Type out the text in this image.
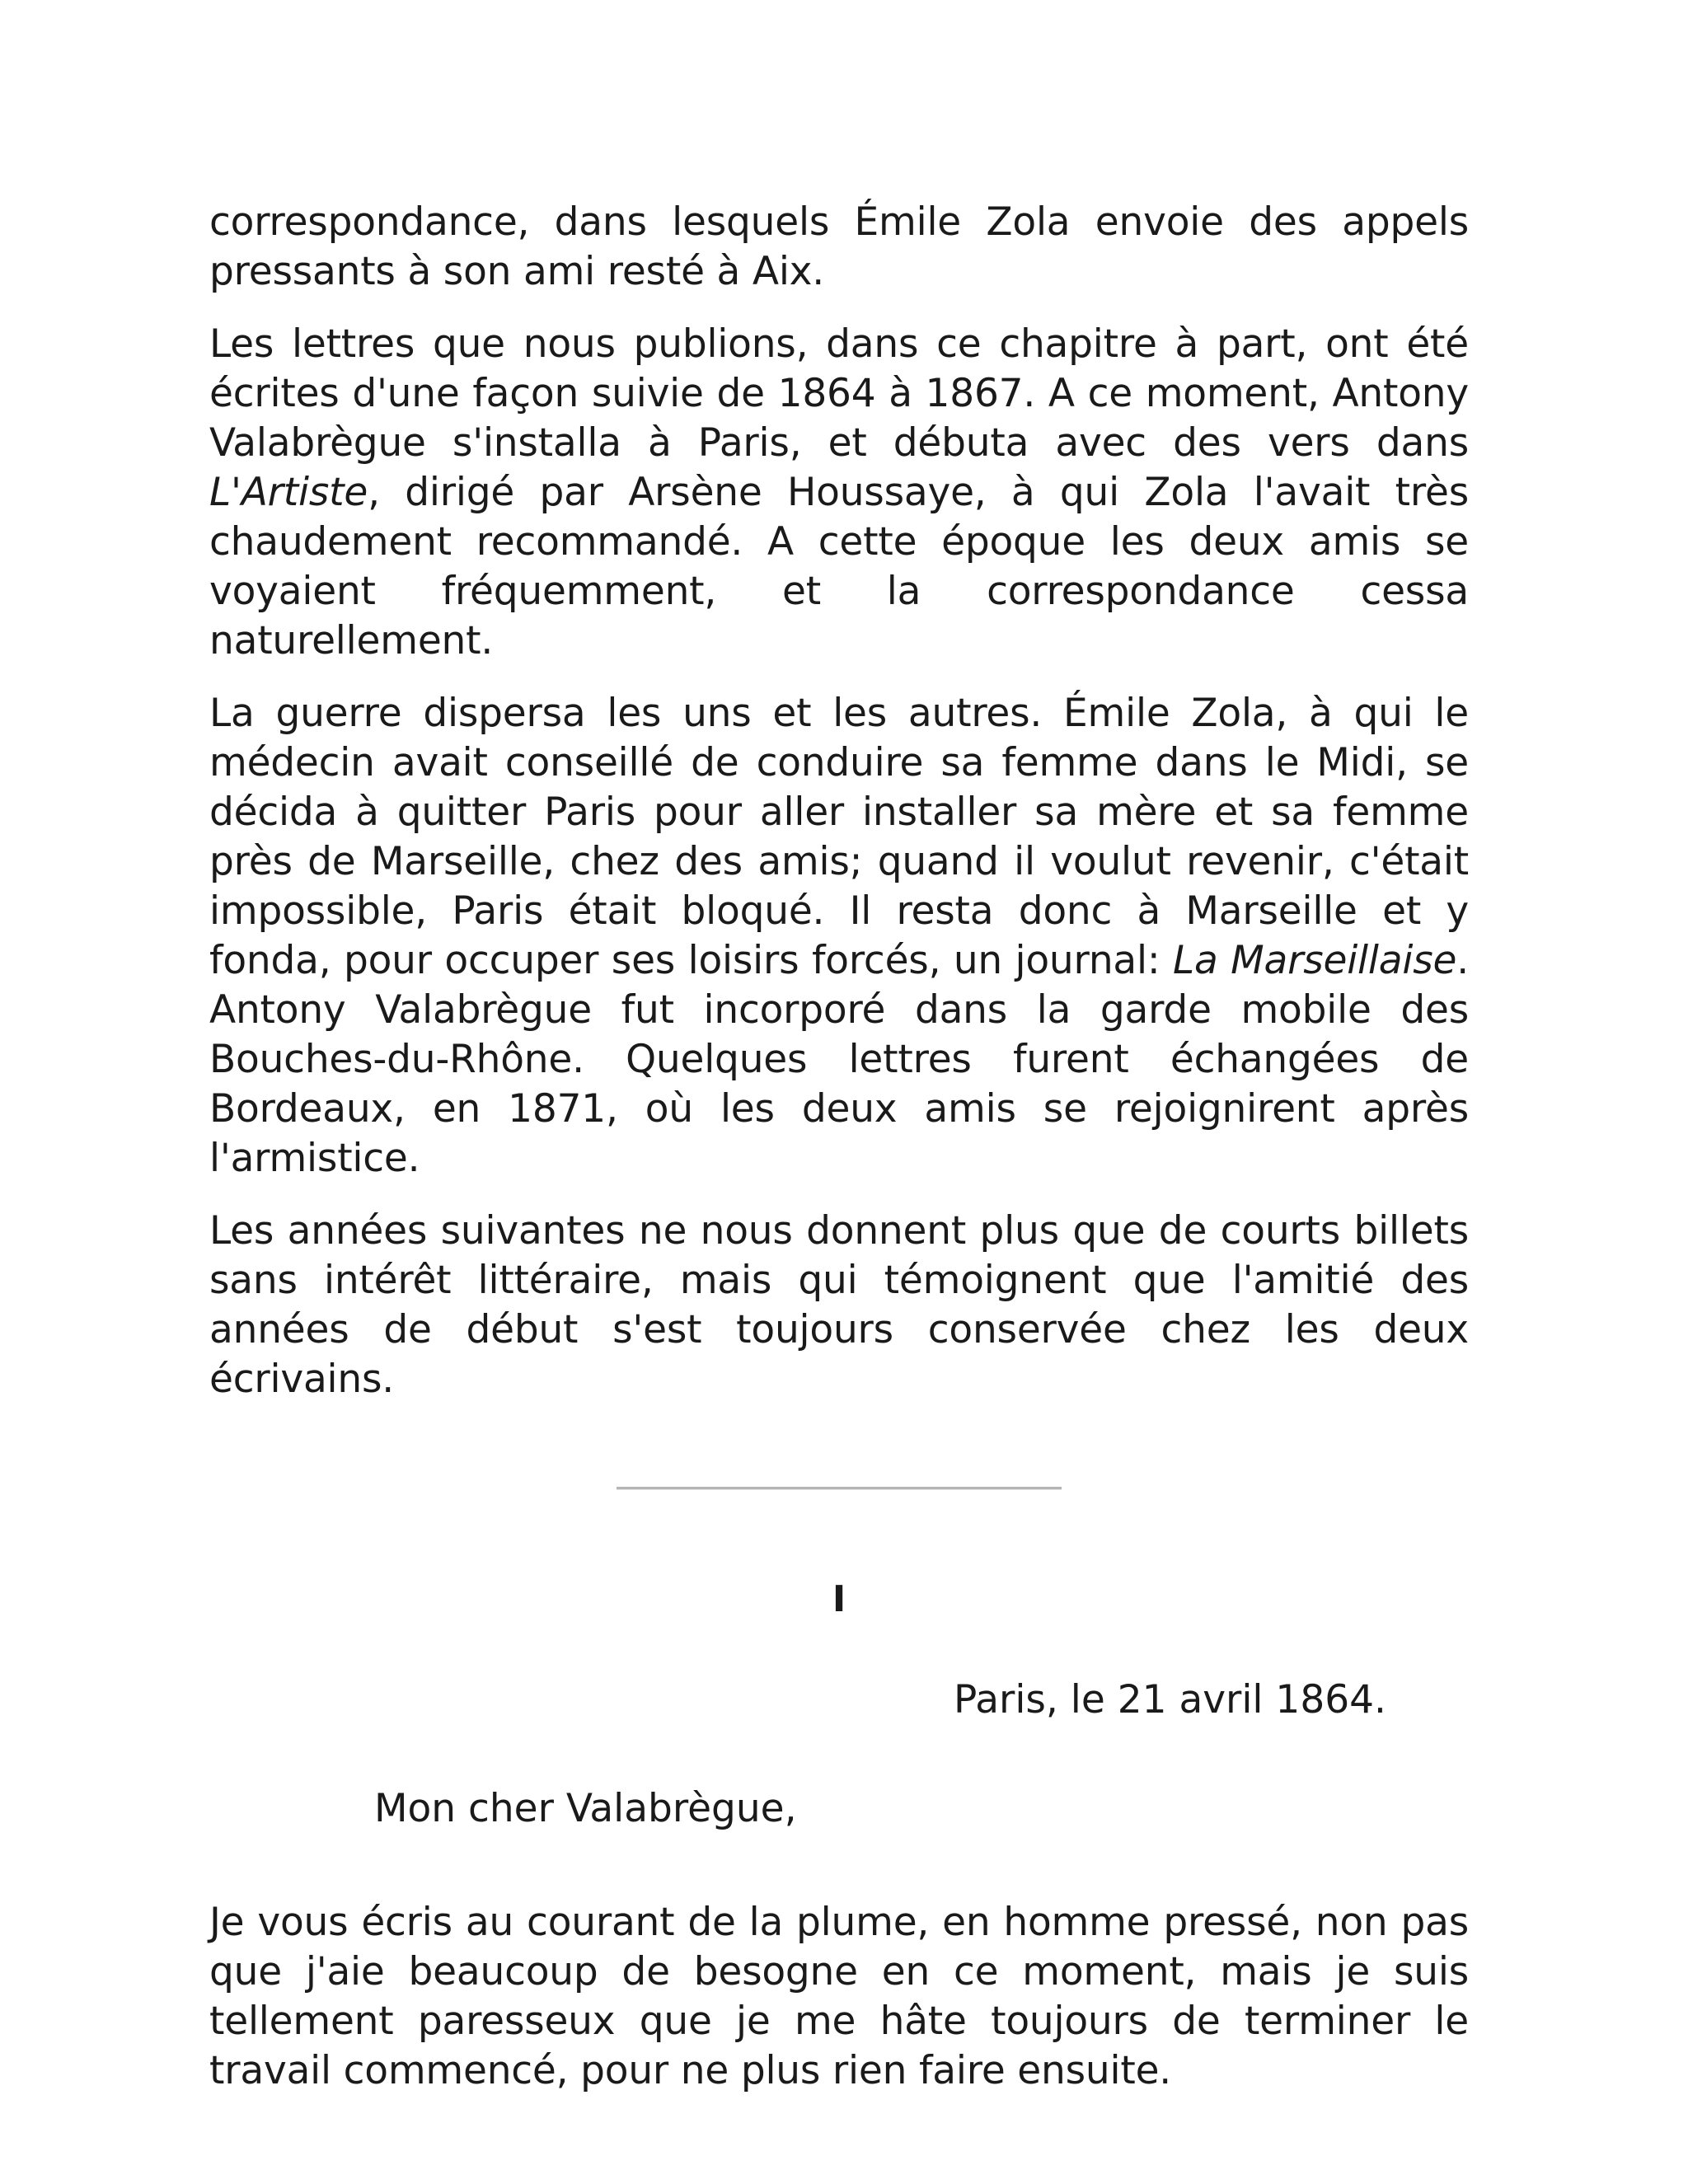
correspondance, dans lesquels Émile Zola envoie des appels pressants à son ami resté à Aix.

Les lettres que nous publions, dans ce chapitre à part, ont été écrites d'une façon suivie de 1864 à 1867. A ce moment, Antony Valabrègue s'installa à Paris, et débuta avec des vers dans L'Artiste, dirigé par Arsène Houssaye, à qui Zola l'avait très chaudement recommandé. A cette époque les deux amis se voyaient fréquemment, et la correspondance cessa naturellement.

La guerre dispersa les uns et les autres. Émile Zola, à qui le médecin avait conseillé de conduire sa femme dans le Midi, se décida à quitter Paris pour aller installer sa mère et sa femme près de Marseille, chez des amis; quand il voulut revenir, c'était impossible, Paris était bloqué. Il resta donc à Marseille et y fonda, pour occuper ses loisirs forcés, un journal: La Marseillaise. Antony Valabrègue fut incorporé dans la garde mobile des Bouches-du-Rhône. Quelques lettres furent échangées de Bordeaux, en 1871, où les deux amis se rejoignirent après l'armistice.

Les années suivantes ne nous donnent plus que de courts billets sans intérêt littéraire, mais qui témoignent que l'amitié des années de début s'est toujours conservée chez les deux écrivains.

I
Paris, le 21 avril 1864.
Mon cher Valabrègue,

Je vous écris au courant de la plume, en homme pressé, non pas que j'aie beaucoup de besogne en ce moment, mais je suis tellement paresseux que je me hâte toujours de terminer le travail commencé, pour ne plus rien faire ensuite.
